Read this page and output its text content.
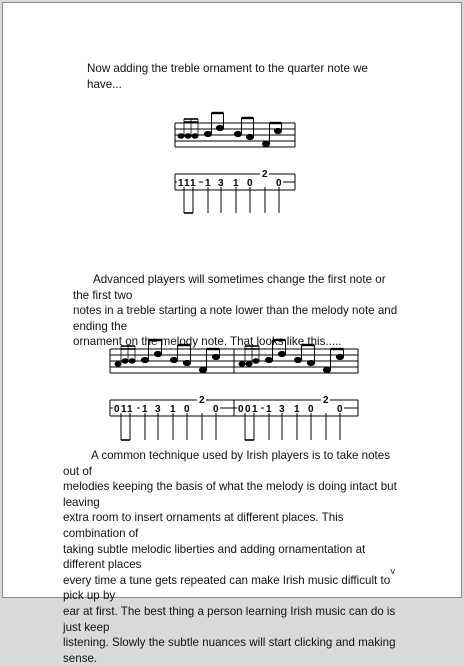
Now adding the treble ornament to the quarter note we have...
1 1 1 1 3 1 0 0
2
Advanced players will sometimes change the first note or the first two
notes in a treble starting a note lower than the melody note and ending the
ornament on the melody note. That looks like this.....
0 1 1 1 3 1 0 0
2
0 0 1 1 3 1 0 0
2
A common technique used by Irish players is to take notes out of
melodies keeping the basis of what the melody is doing intact but leaving
extra room to insert ornaments at different places. This combination of
taking subtle melodic liberties and adding ornamentation at different places
every time a tune gets repeated can make Irish music difficult to pick up by
ear at first. The best thing a person learning Irish music can do is just keep
listening. Slowly the subtle nuances will start clicking and making sense.
v
